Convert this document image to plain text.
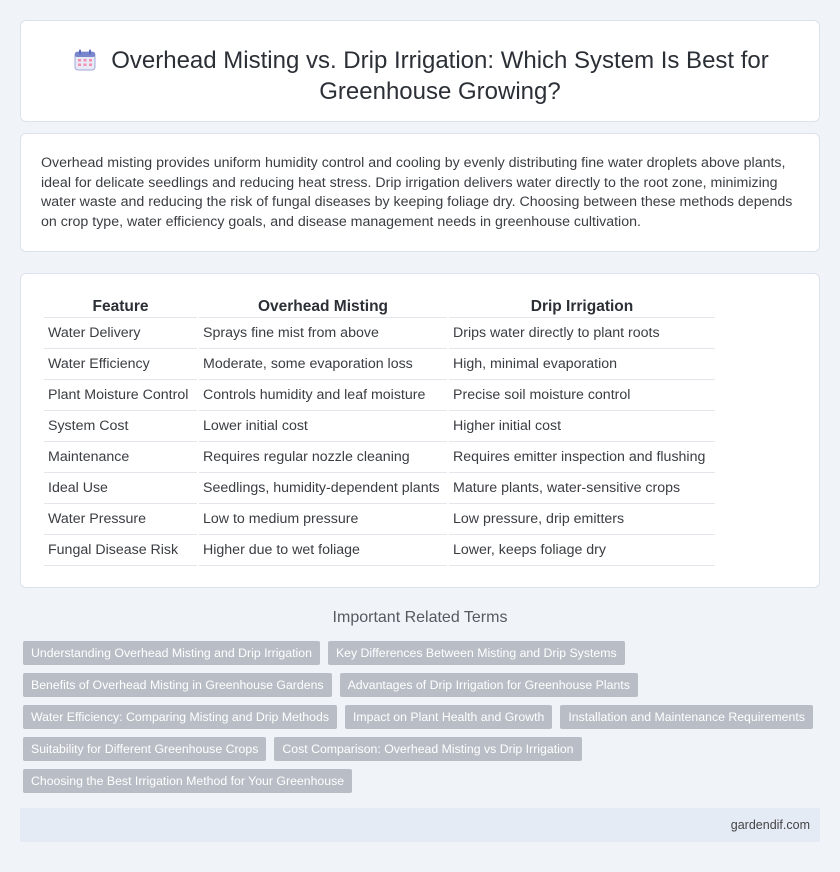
Overhead Misting vs. Drip Irrigation: Which System Is Best for Greenhouse Growing?

Overhead misting provides uniform humidity control and cooling by evenly distributing fine water droplets above plants, ideal for delicate seedlings and reducing heat stress. Drip irrigation delivers water directly to the root zone, minimizing water waste and reducing the risk of fungal diseases by keeping foliage dry. Choosing between these methods depends on crop type, water efficiency goals, and disease management needs in greenhouse cultivation.

Feature	Overhead Misting	Drip Irrigation
Water Delivery	Sprays fine mist from above	Drips water directly to plant roots
Water Efficiency	Moderate, some evaporation loss	High, minimal evaporation
Plant Moisture Control	Controls humidity and leaf moisture	Precise soil moisture control
System Cost	Lower initial cost	Higher initial cost
Maintenance	Requires regular nozzle cleaning	Requires emitter inspection and flushing
Ideal Use	Seedlings, humidity-dependent plants	Mature plants, water-sensitive crops
Water Pressure	Low to medium pressure	Low pressure, drip emitters
Fungal Disease Risk	Higher due to wet foliage	Lower, keeps foliage dry
Important Related Terms
Understanding Overhead Misting and Drip Irrigation	Key Differences Between Misting and Drip Systems
Benefits of Overhead Misting in Greenhouse Gardens	Advantages of Drip Irrigation for Greenhouse Plants
Water Efficiency: Comparing Misting and Drip Methods	Impact on Plant Health and Growth	Installation and Maintenance Requirements
Suitability for Different Greenhouse Crops	Cost Comparison: Overhead Misting vs Drip Irrigation
Choosing the Best Irrigation Method for Your Greenhouse
gardendif.com
